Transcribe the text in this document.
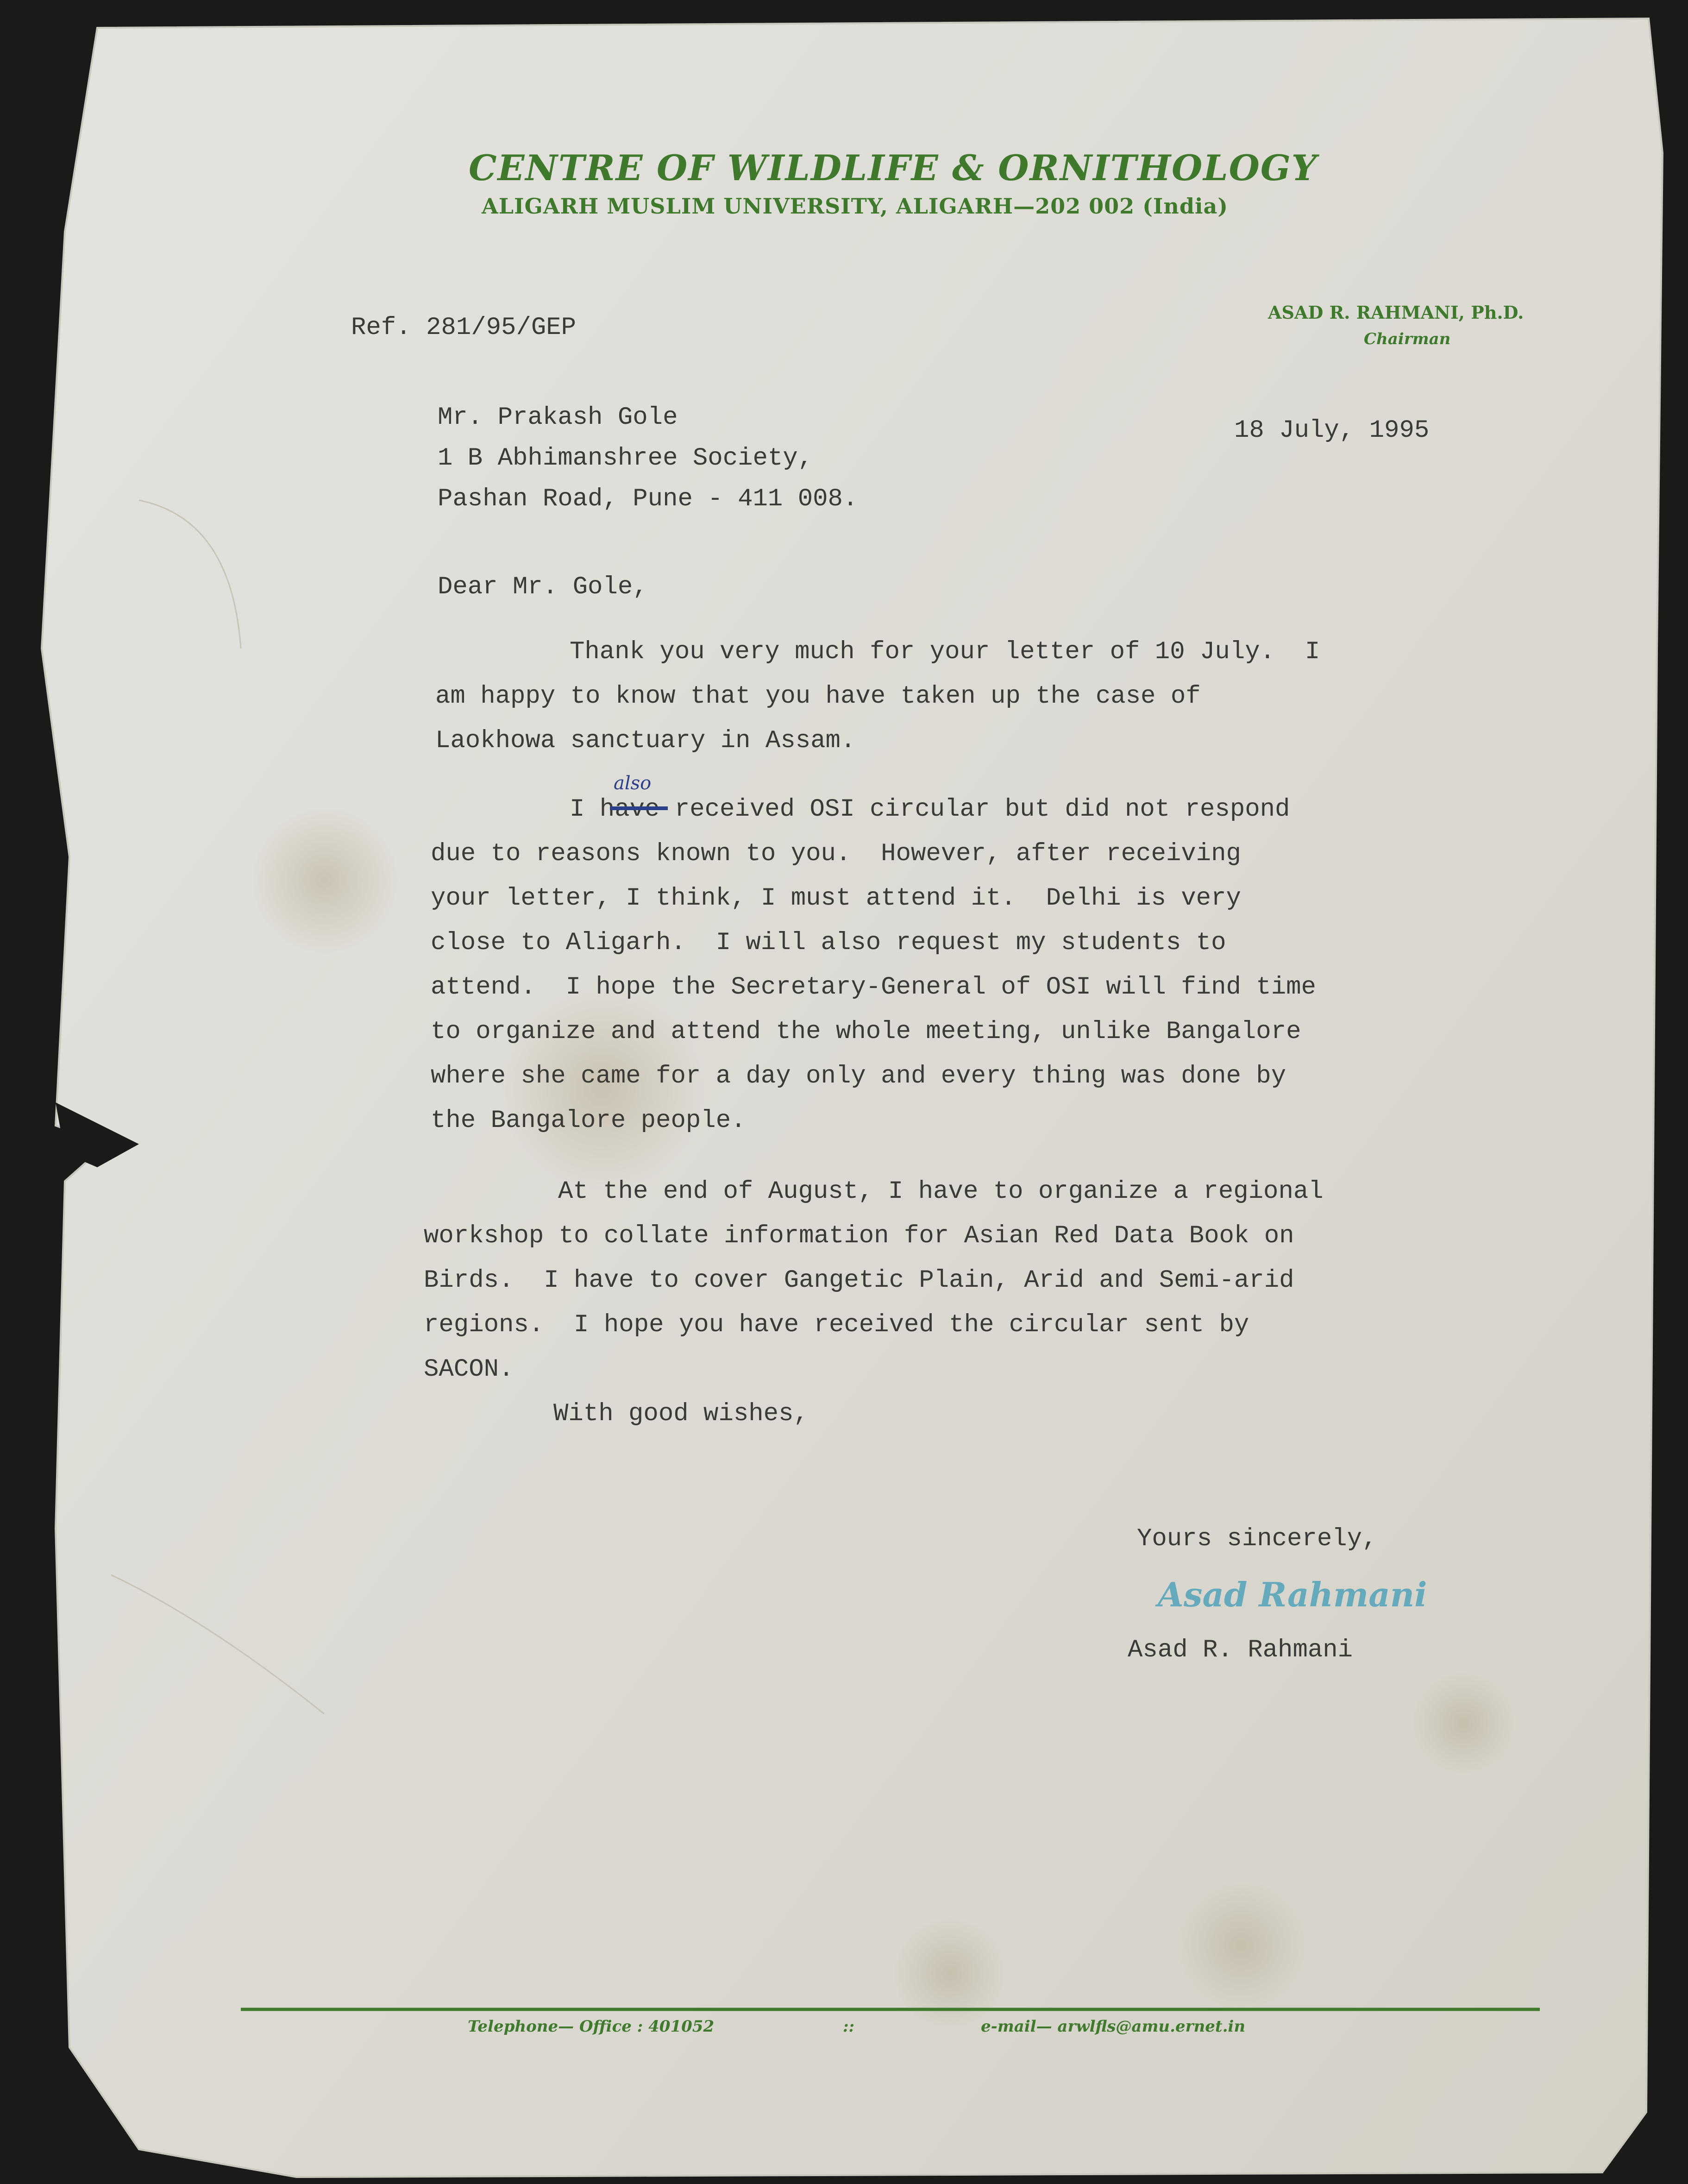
CENTRE OF WILDLIFE & ORNITHOLOGY
ALIGARH MUSLIM UNIVERSITY, ALIGARH—202 002 (India)
ASAD R. RAHMANI, Ph.D.
Chairman
Ref. 281/95/GEP
18 July, 1995
Mr. Prakash Gole
1 B Abhimanshree Society,
Pashan Road, Pune - 411 008.
Dear Mr. Gole,
Thank you very much for your letter of 10 July.  I
am happy to know that you have taken up the case of
Laokhowa sanctuary in Assam.
I have received OSI circular but did not respond
due to reasons known to you.  However, after receiving
your letter, I think, I must attend it.  Delhi is very
close to Aligarh.  I will also request my students to
attend.  I hope the Secretary-General of OSI will find time
to organize and attend the whole meeting, unlike Bangalore
where she came for a day only and every thing was done by
the Bangalore people.
also
At the end of August, I have to organize a regional
workshop to collate information for Asian Red Data Book on
Birds.  I have to cover Gangetic Plain, Arid and Semi-arid
regions.  I hope you have received the circular sent by
SACON.
With good wishes,
Yours sincerely,
Asad Rahmani
Asad R. Rahmani
Telephone— Office : 401052	::	e-mail— arwlfls@amu.ernet.in
